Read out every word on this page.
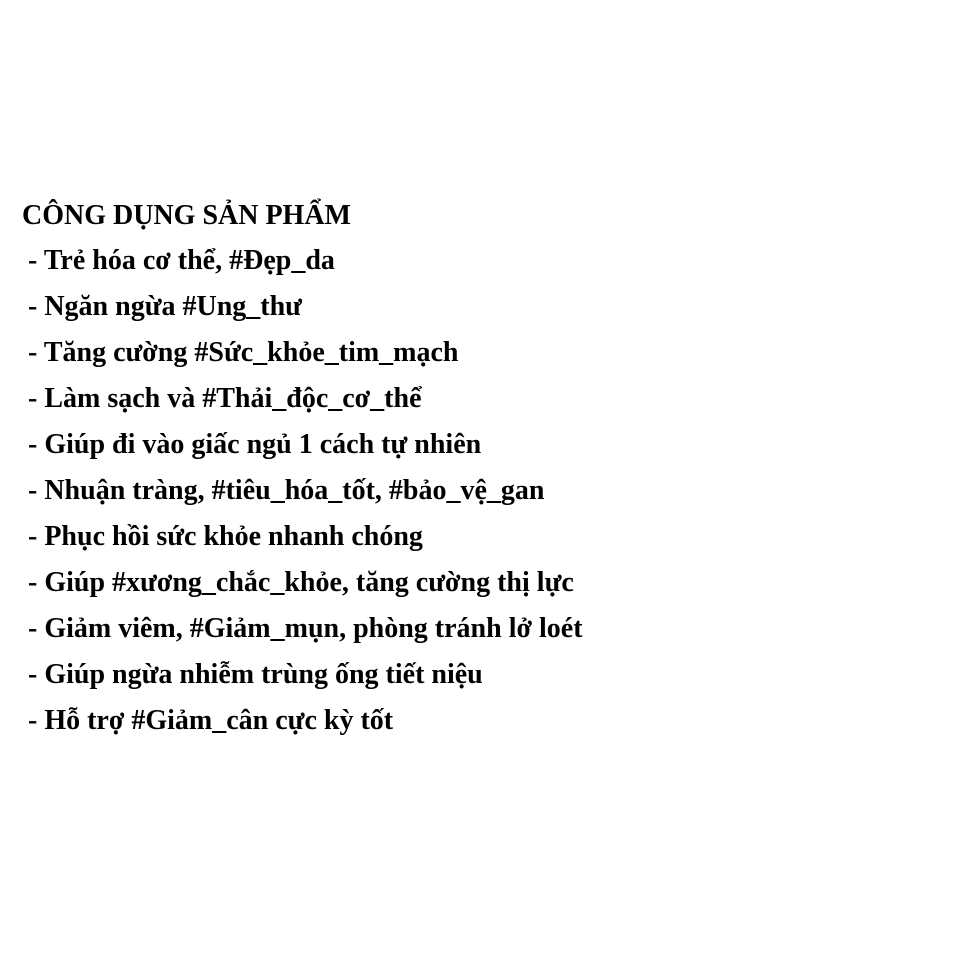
CÔNG DỤNG SẢN PHẨM
- Trẻ hóa cơ thể, #Đẹp_da
- Ngăn ngừa #Ung_thư
- Tăng cường #Sức_khỏe_tim_mạch
- Làm sạch và #Thải_độc_cơ_thể
- Giúp đi vào giấc ngủ 1 cách tự nhiên
- Nhuận tràng, #tiêu_hóa_tốt, #bảo_vệ_gan
- Phục hồi sức khỏe nhanh chóng
- Giúp #xương_chắc_khỏe, tăng cường thị lực
- Giảm viêm, #Giảm_mụn, phòng tránh lở loét
- Giúp ngừa nhiễm trùng ống tiết niệu
- Hỗ trợ #Giảm_cân cực kỳ tốt
